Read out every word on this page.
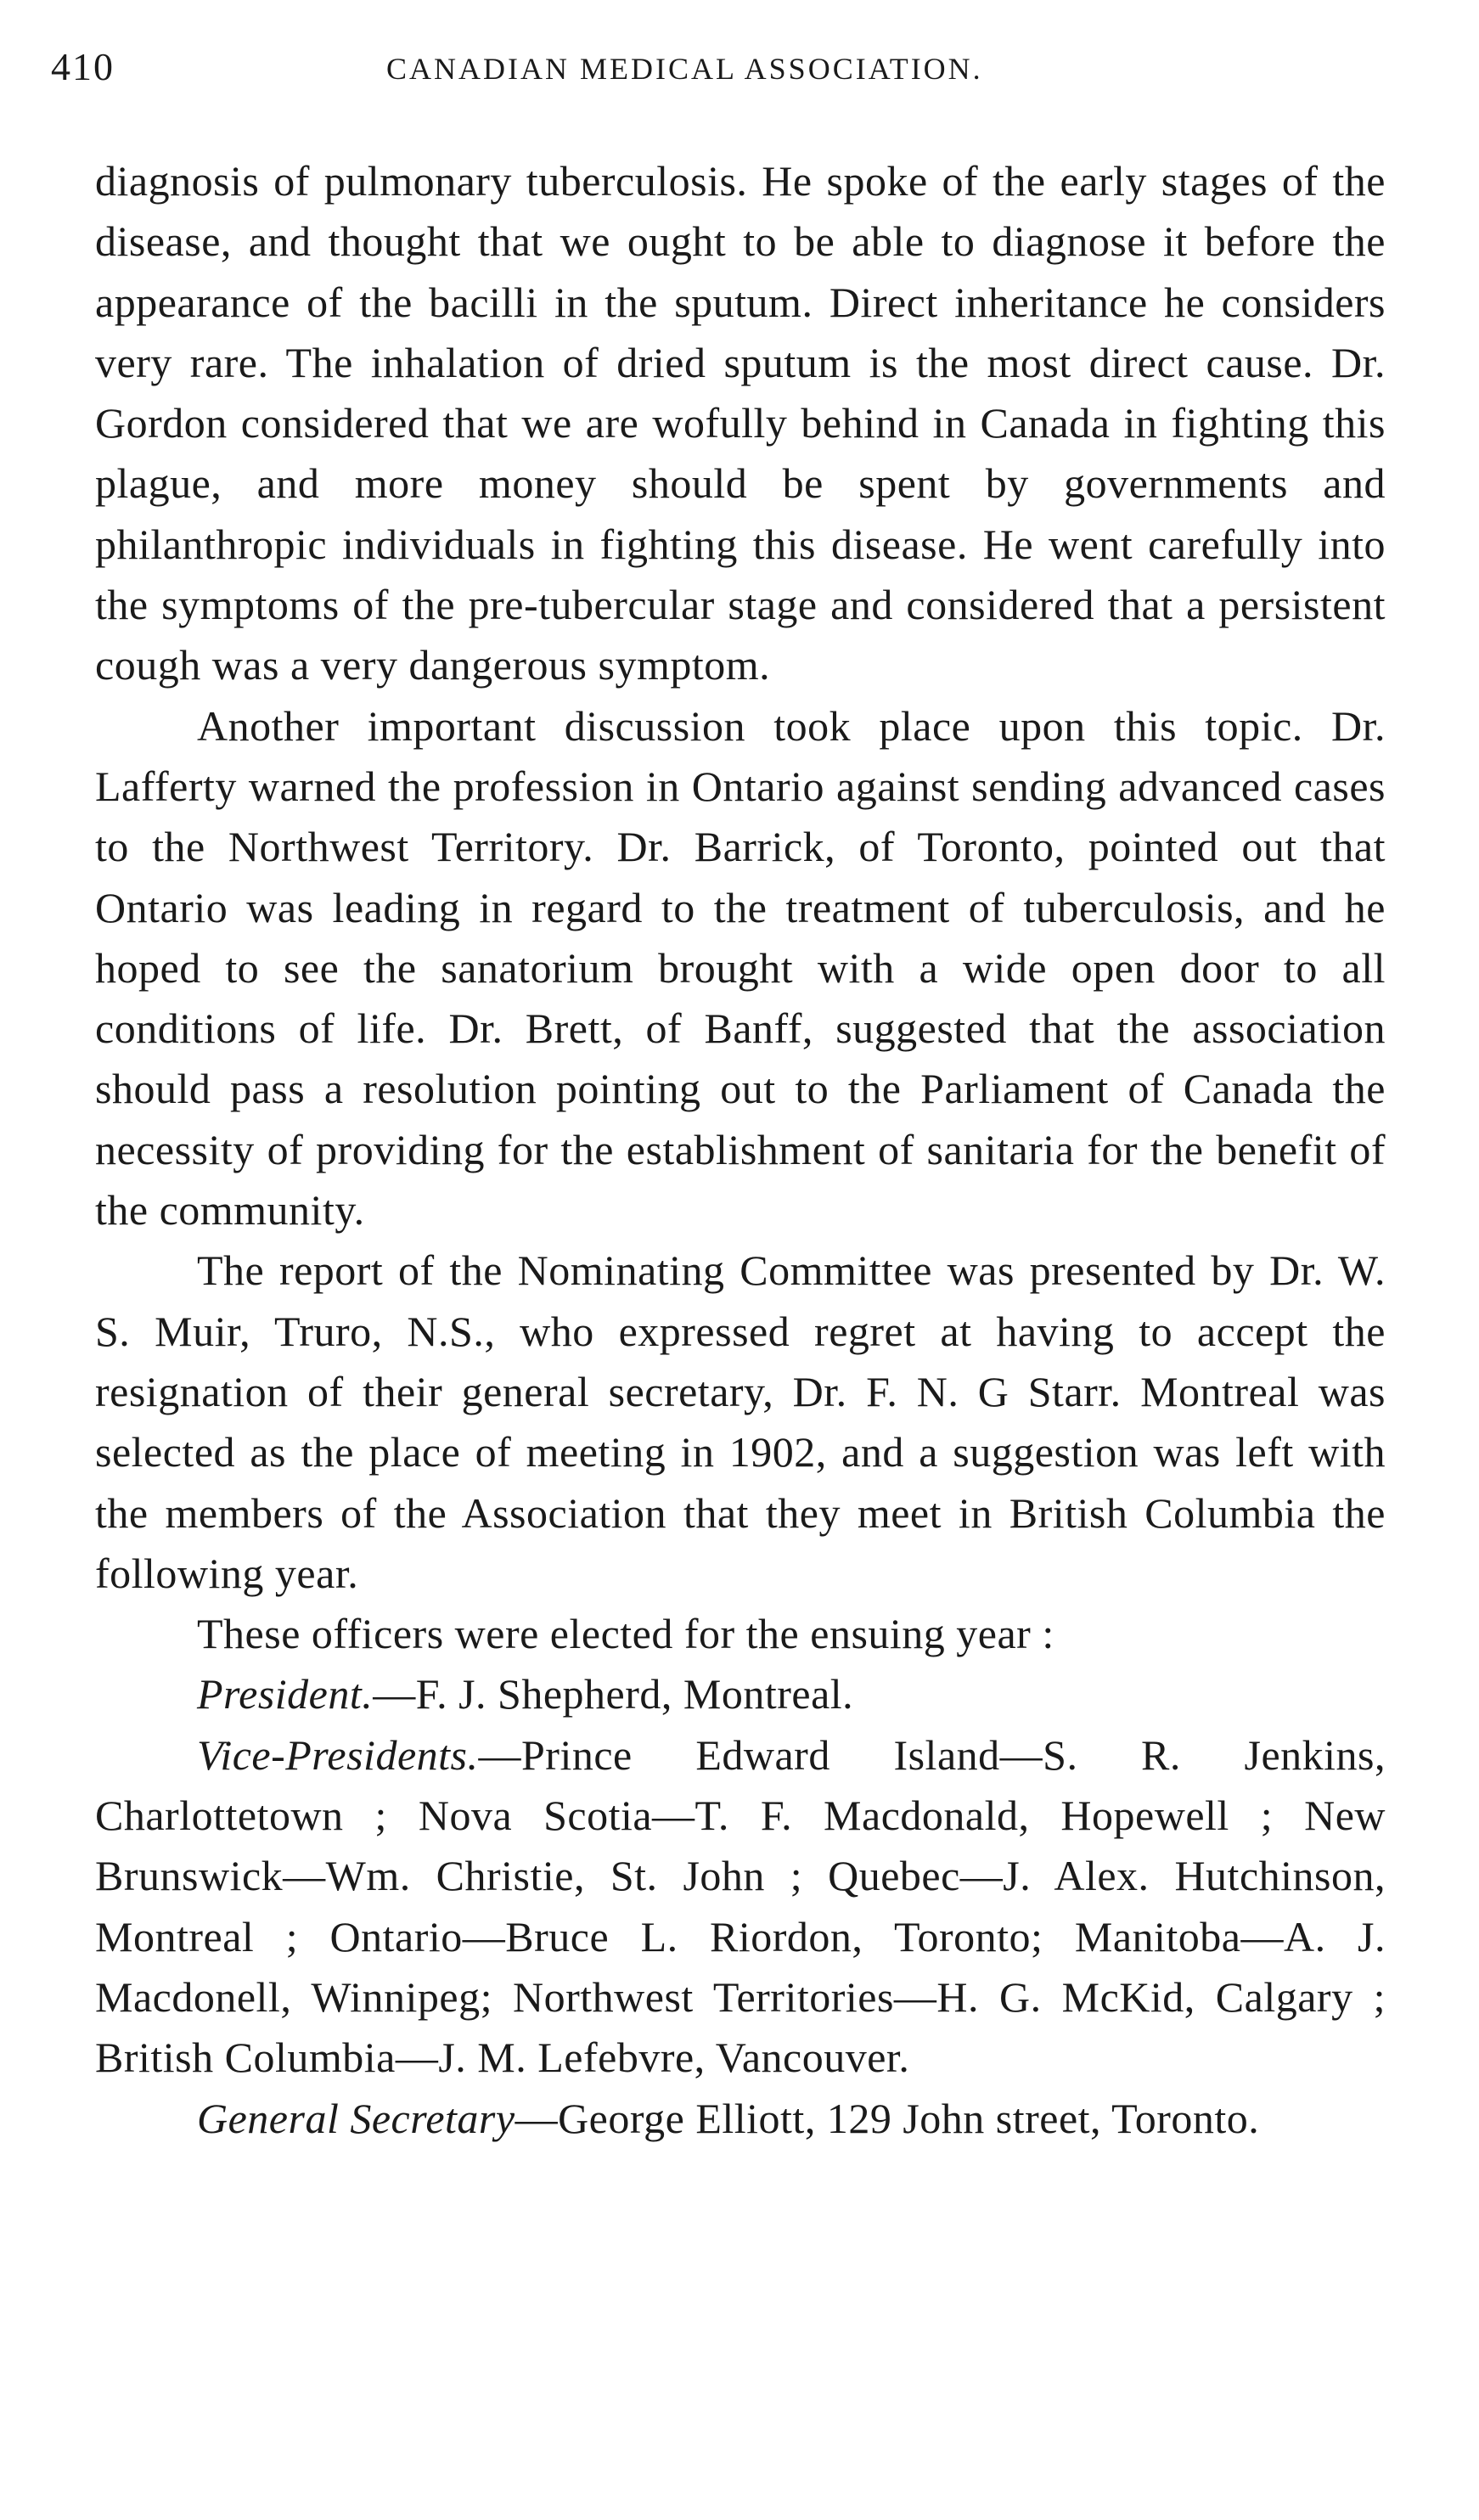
410	CANADIAN MEDICAL ASSOCIATION.

diagnosis of pulmonary tuberculosis. He spoke of the early stages of the disease, and thought that we ought to be able to diagnose it before the appearance of the bacilli in the sputum. Direct inheritance he considers very rare. The inhalation of dried sputum is the most direct cause. Dr. Gordon considered that we are wofully behind in Canada in fighting this plague, and more money should be spent by governments and philanthropic individuals in fighting this disease. He went carefully into the symptoms of the pre-tubercular stage and considered that a persistent cough was a very dangerous symptom.

Another important discussion took place upon this topic. Dr. Lafferty warned the profession in Ontario against sending advanced cases to the Northwest Territory. Dr. Barrick, of Toronto, pointed out that Ontario was leading in regard to the treatment of tuberculosis, and he hoped to see the sanatorium brought with a wide open door to all conditions of life. Dr. Brett, of Banff, suggested that the association should pass a resolution pointing out to the Parliament of Canada the necessity of providing for the establishment of sanitaria for the benefit of the community.

The report of the Nominating Committee was presented by Dr. W. S. Muir, Truro, N.S., who expressed regret at having to accept the resignation of their general secretary, Dr. F. N. G Starr. Montreal was selected as the place of meeting in 1902, and a suggestion was left with the members of the Association that they meet in British Columbia the following year.

These officers were elected for the ensuing year :

President.—F. J. Shepherd, Montreal.

Vice-Presidents.—Prince Edward Island—S. R. Jenkins, Charlottetown ; Nova Scotia—T. F. Macdonald, Hopewell ; New Brunswick—Wm. Christie, St. John ; Quebec—J. Alex. Hutchinson, Montreal ; Ontario—Bruce L. Riordon, Toronto; Manitoba—A. J. Macdonell, Winnipeg; Northwest Territories—H. G. McKid, Calgary ; British Columbia—J. M. Lefebvre, Vancouver.

General Secretary—George Elliott, 129 John street, Toronto.
